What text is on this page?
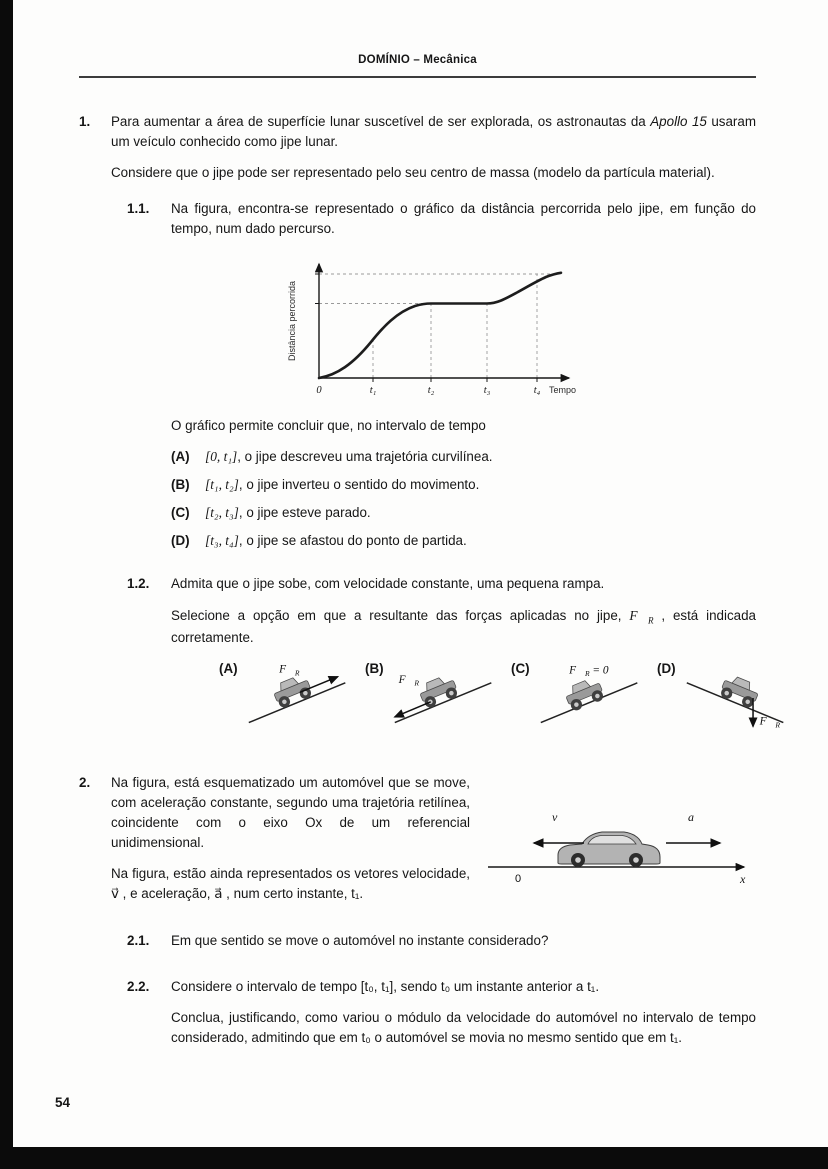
DOMÍNIO – Mecânica
1.	Para aumentar a área de superfície lunar suscetível de ser explorada, os astronautas da Apollo 15 usaram um veículo conhecido como jipe lunar.

Considere que o jipe pode ser representado pelo seu centro de massa (modelo da partícula material).

1.1.	Na figura, encontra-se representado o gráfico da distância percorrida pelo jipe, em função do tempo, num dado percurso.

0	t₁	t₂	t₃	t₄ Tempo
Distância percorrida

O gráfico permite concluir que, no intervalo de tempo

(A)	[0, t₁], o jipe descreveu uma trajetória curvilínea.
(B)	[t₁, t₂], o jipe inverteu o sentido do movimento.
(C)	[t₂, t₃], o jipe esteve parado.
(D)	[t₃, t₄], o jipe se afastou do ponto de partida.
1.2.	Admita que o jipe sobe, com velocidade constante, uma pequena rampa.

Selecione a opção em que a resultante das forças aplicadas no jipe, $F⃗_R$ , está indicada corretamente.

(A)	$F⃗_R$	(B)
$F⃗_R$
(C)	$F⃗_R$ = 0⃗	(D)
$F⃗_R$
2.
0	x
v⃗	a⃗

Na figura, está esquematizado um automóvel que se move, com aceleração constante, segundo uma trajetória retilínea, coincidente com o eixo Ox de um referencial unidimensional.

Na figura, estão ainda representados os vetores velocidade, v⃗ , e aceleração, a⃗ , num certo instante, t₁.

2.1.	Em que sentido se move o automóvel no instante considerado?

2.2.	Considere o intervalo de tempo [t₀, t₁], sendo t₀ um instante anterior a t₁.

Conclua, justificando, como variou o módulo da velocidade do automóvel no intervalo de tempo considerado, admitindo que em t₀ o automóvel se movia no mesmo sentido que em t₁.

54
